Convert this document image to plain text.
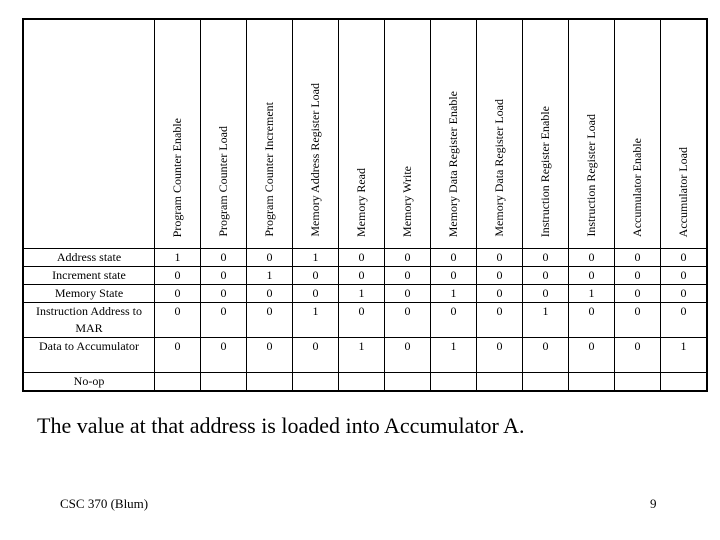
	Program Counter Enable	Program Counter Load	Program Counter Increment	Memory Address Register Load	Memory Read	Memory Write	Memory Data Register Enable	Memory Data Register Load	Instruction Register Enable	Instruction Register Load	Accumulator Enable	Accumulator Load
Address state	1	0	0	1	0	0	0	0	0	0	0	0
Increment state	0	0	1	0	0	0	0	0	0	0	0	0
Memory State	0	0	0	0	1	0	1	0	0	1	0	0
Instruction Address to MAR	0	0	0	1	0	0	0	0	1	0	0	0
Data to Accumulator	0	0	0	0	1	0	1	0	0	0	0	1
No-op												
The value at that address is loaded into Accumulator A.
CSC 370 (Blum)	9
